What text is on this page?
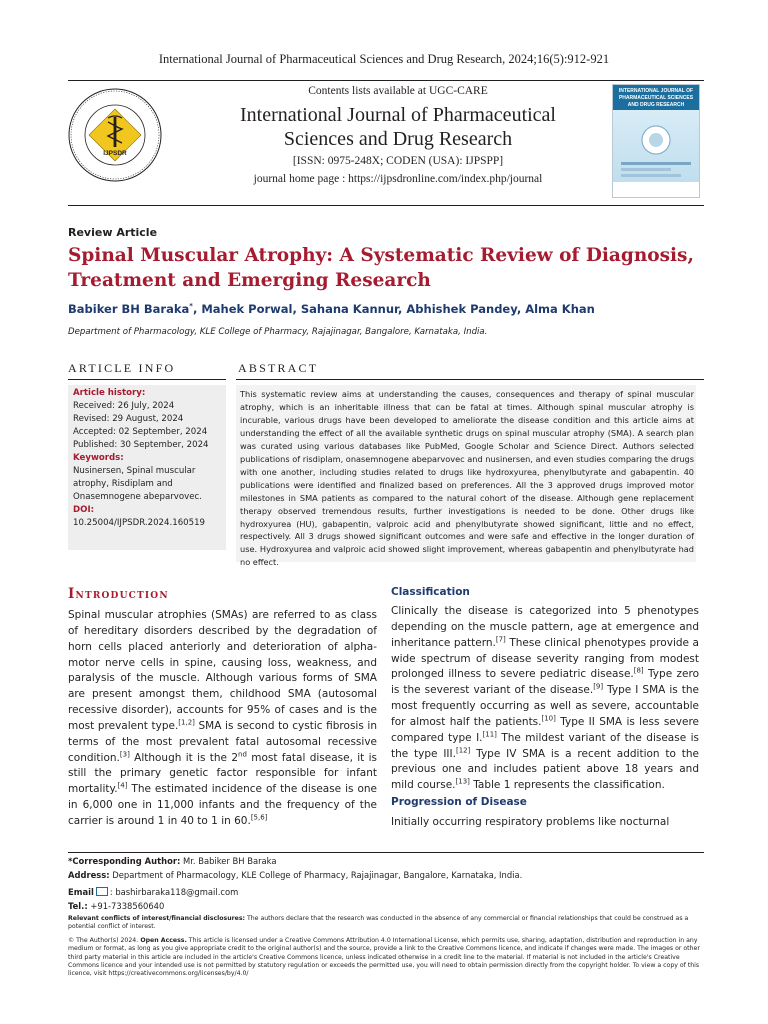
International Journal of Pharmaceutical Sciences and Drug Research, 2024;16(5):912-921
IJPSDR
Contents lists available at UGC-CARE
International Journal of Pharmaceutical
Sciences and Drug Research
[ISSN: 0975-248X; CODEN (USA): IJPSPP]
journal home page : https://ijpsdronline.com/index.php/journal
INTERNATIONAL JOURNAL OF PHARMACEUTICAL SCIENCES AND DRUG RESEARCH
Review Article
Spinal Muscular Atrophy: A Systematic Review of Diagnosis,
Treatment and Emerging Research
Babiker BH Baraka*, Mahek Porwal, Sahana Kannur, Abhishek Pandey, Alma Khan
Department of Pharmacology, KLE College of Pharmacy, Rajajinagar, Bangalore, Karnataka, India.
ARTICLE INFO	ABSTRACT
Article history:
Received: 26 July, 2024
Revised: 29 August, 2024
Accepted: 02 September, 2024
Published: 30 September, 2024
Keywords:
Nusinersen, Spinal muscular atrophy, Risdiplam and Onasemnogene abeparvovec.
DOI:
10.25004/IJPSDR.2024.160519
This systematic review aims at understanding the causes, consequences and therapy of spinal muscular atrophy, which is an inheritable illness that can be fatal at times. Although spinal muscular atrophy is incurable, various drugs have been developed to ameliorate the disease condition and this article aims at understanding the effect of all the available synthetic drugs on spinal muscular atrophy (SMA). A search plan was curated using various databases like PubMed, Google Scholar and Science Direct. Authors selected publications of risdiplam, onasemnogene abeparvovec and nusinersen, and even studies comparing the drugs with one another, including studies related to drugs like hydroxyurea, phenylbutyrate and gabapentin. 40 publications were identified and finalized based on preferences. All the 3 approved drugs improved motor milestones in SMA patients as compared to the natural cohort of the disease. Although gene replacement therapy observed tremendous results, further investigations is needed to be done. Other drugs like hydroxyurea (HU), gabapentin, valproic acid and phenylbutyrate showed significant, little and no effect, respectively. All 3 drugs showed significant outcomes and were safe and effective in the longer duration of use. Hydroxyurea and valproic acid showed slight improvement, whereas gabapentin and phenylbutyrate had no effect.
Introduction
Spinal muscular atrophies (SMAs) are referred to as class of hereditary disorders described by the degradation of horn cells placed anteriorly and deterioration of alpha-motor nerve cells in spine, causing loss, weakness, and paralysis of the muscle. Although various forms of SMA are present amongst them, childhood SMA (autosomal recessive disorder), accounts for 95% of cases and is the most prevalent type.[1,2] SMA is second to cystic fibrosis in terms of the most prevalent fatal autosomal recessive condition.[3] Although it is the 2nd most fatal disease, it is still the primary genetic factor responsible for infant mortality.[4] The estimated incidence of the disease is one in 6,000 one in 11,000 infants and the frequency of the carrier is around 1 in 40 to 1 in 60.[5,6]
Classification
Clinically the disease is categorized into 5 phenotypes depending on the muscle pattern, age at emergence and inheritance pattern.[7] These clinical phenotypes provide a wide spectrum of disease severity ranging from modest prolonged illness to severe pediatric disease.[8] Type zero is the severest variant of the disease.[9] Type I SMA is the most frequently occurring as well as severe, accountable for almost half the patients.[10] Type II SMA is less severe compared type I.[11] The mildest variant of the disease is the type III.[12] Type IV SMA is a recent addition to the previous one and includes patient above 18 years and mild course.[13] Table 1 represents the classification.
Progression of Disease
Initially occurring respiratory problems like nocturnal
*Corresponding Author: Mr. Babiker BH Baraka
Address: Department of Pharmacology, KLE College of Pharmacy, Rajajinagar, Bangalore, Karnataka, India.
Email : bashirbaraka118@gmail.com
Tel.: +91-7338560640
Relevant conflicts of interest/financial disclosures: The authors declare that the research was conducted in the absence of any commercial or financial relationships that could be construed as a potential conflict of interest.
© The Author(s) 2024. Open Access. This article is licensed under a Creative Commons Attribution 4.0 International License, which permits use, sharing, adaptation, distribution and reproduction in any medium or format, as long as you give appropriate credit to the original author(s) and the source, provide a link to the Creative Commons licence, and indicate if changes were made. The images or other third party material in this article are included in the article's Creative Commons licence, unless indicated otherwise in a credit line to the material. If material is not included in the article's Creative Commons licence and your intended use is not permitted by statutory regulation or exceeds the permitted use, you will need to obtain permission directly from the copyright holder. To view a copy of this licence, visit https://creativecommons.org/licenses/by/4.0/
